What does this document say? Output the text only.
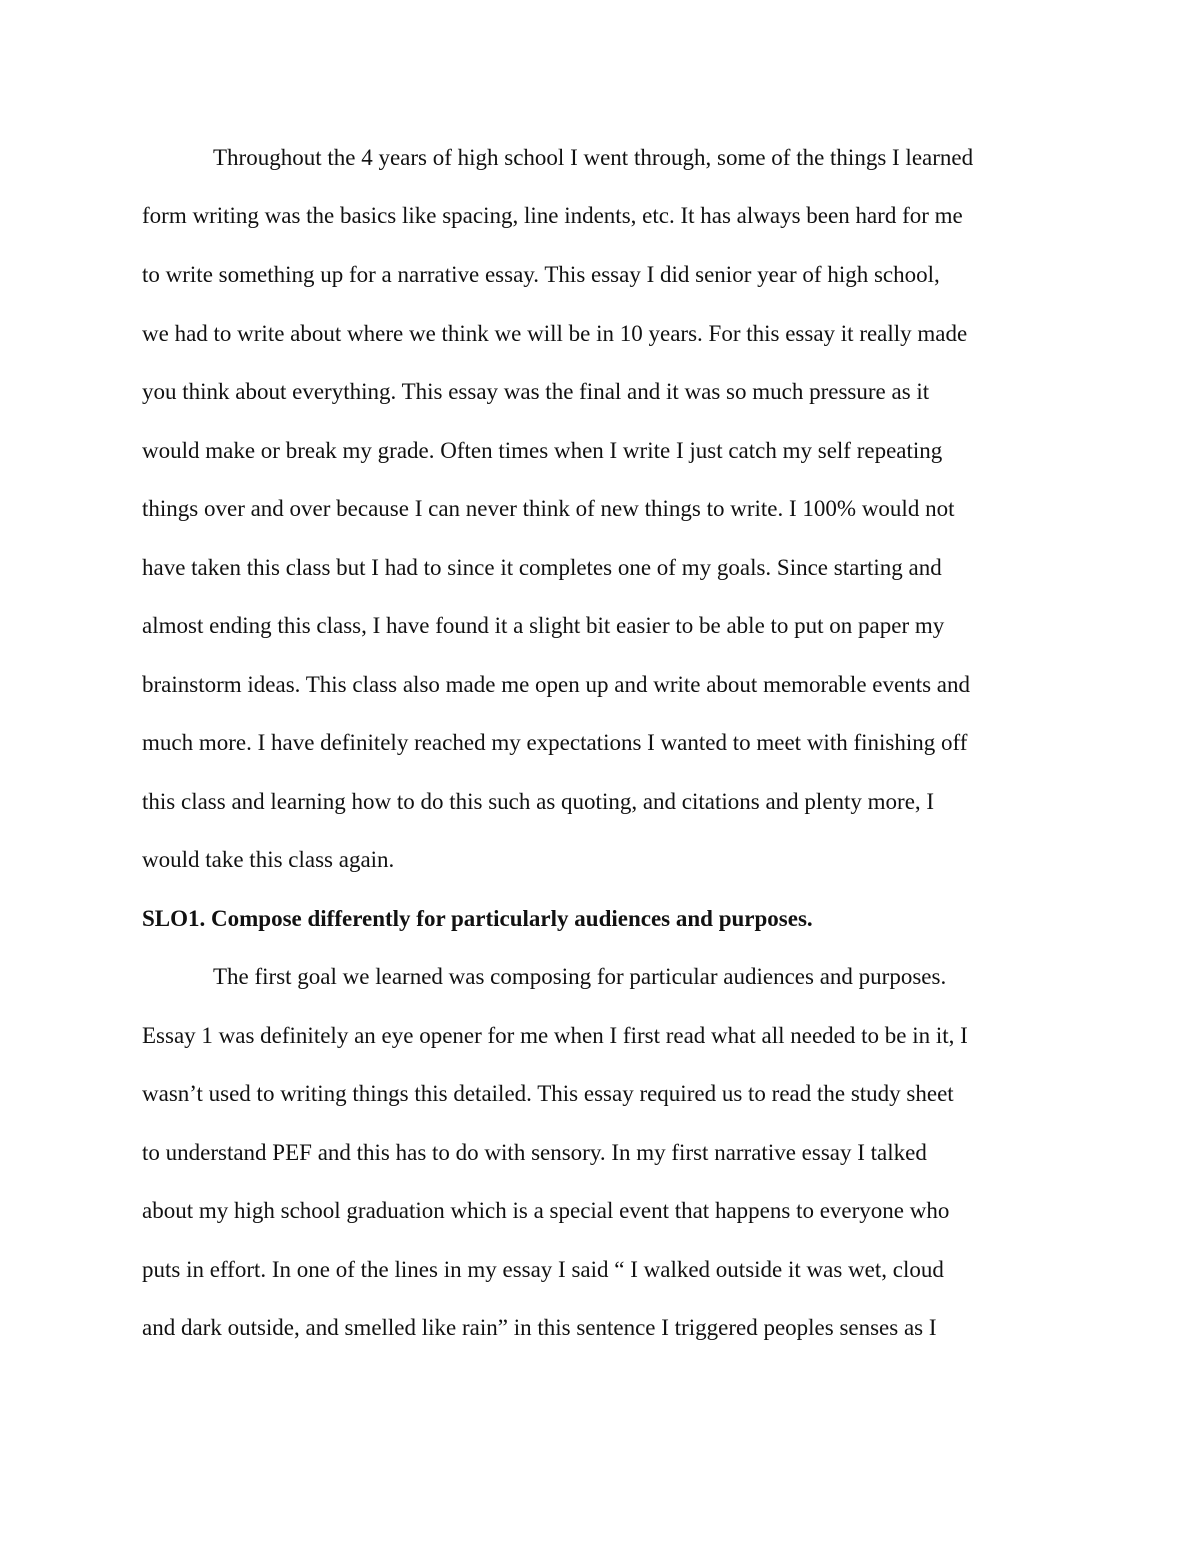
Throughout the 4 years of high school I went through, some of the things I learned
form writing was the basics like spacing, line indents, etc. It has always been hard for me
to write something up for a narrative essay. This essay I did senior year of high school,
we had to write about where we think we will be in 10 years. For this essay it really made
you think about everything. This essay was the final and it was so much pressure as it
would make or break my grade. Often times when I write I just catch my self repeating
things over and over because I can never think of new things to write. I 100% would not
have taken this class but I had to since it completes one of my goals. Since starting and
almost ending this class, I have found it a slight bit easier to be able to put on paper my
brainstorm ideas. This class also made me open up and write about memorable events and
much more. I have definitely reached my expectations I wanted to meet with finishing off
this class and learning how to do this such as quoting, and citations and plenty more, I
would take this class again.
SLO1. Compose differently for particularly audiences and purposes.
The first goal we learned was composing for particular audiences and purposes.
Essay 1 was definitely an eye opener for me when I first read what all needed to be in it, I
wasn’t used to writing things this detailed. This essay required us to read the study sheet
to understand PEF and this has to do with sensory. In my first narrative essay I talked
about my high school graduation which is a special event that happens to everyone who
puts in effort. In one of the lines in my essay I said “ I walked outside it was wet, cloud
and dark outside, and smelled like rain” in this sentence I triggered peoples senses as I
